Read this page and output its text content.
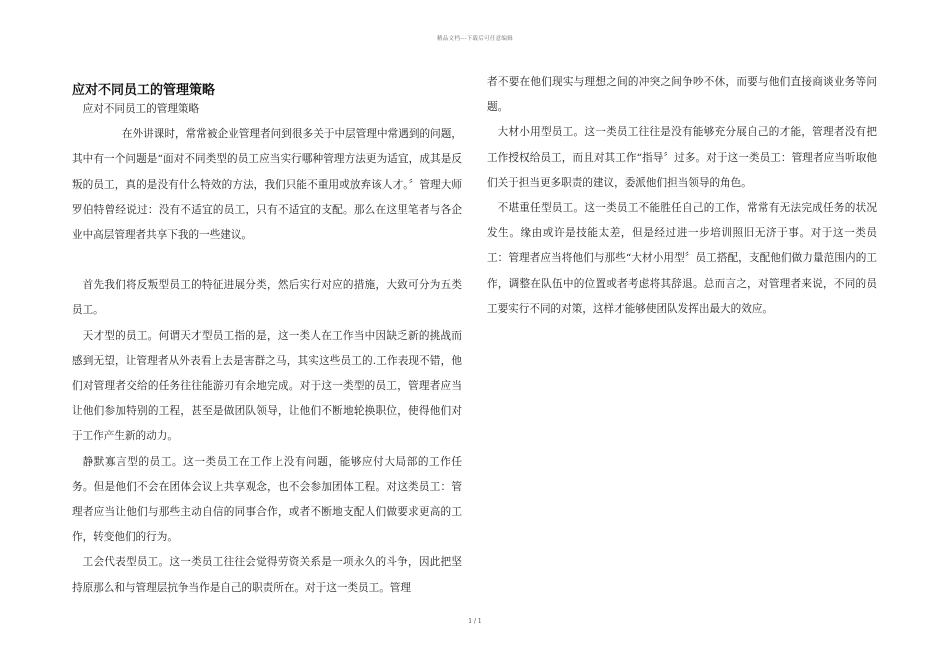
精品文档---下载后可任意编辑
应对不同员工的管理策略

应对不同员工的管理策略

在外讲课时，常常被企业管理者问到很多关于中层管理中常遇到的问题，其中有一个问题是“面对不同类型的员工应当实行哪种管理方法更为适宜，成其是反叛的员工，真的是没有什么特效的方法，我们只能不重用或放弃该人才。〞管理大师罗伯特曾经说过：没有不适宜的员工，只有不适宜的支配。那么在这里笔者与各企业中高层管理者共享下我的一些建议。

首先我们将反叛型员工的特征进展分类，然后实行对应的措施，大致可分为五类员工。

天才型的员工。何谓天才型员工指的是，这一类人在工作当中因缺乏新的挑战而感到无望，让管理者从外表看上去是害群之马，其实这些员工的.工作表现不错，他们对管理者交给的任务往往能游刃有余地完成。对于这一类型的员工，管理者应当让他们参加特别的工程，甚至是做团队领导，让他们不断地轮换职位，使得他们对于工作产生新的动力。

静默寡言型的员工。这一类员工在工作上没有问题，能够应付大局部的工作任务。但是他们不会在团体会议上共享观念，也不会参加团体工程。对这类员工：管理者应当让他们与那些主动自信的同事合作，或者不断地支配人们做要求更高的工作，转变他们的行为。

工会代表型员工。这一类员工往往会觉得劳资关系是一项永久的斗争，因此把坚持原那么和与管理层抗争当作是自己的职责所在。对于这一类员工。管理

者不要在他们现实与理想之间的冲突之间争吵不休，而要与他们直接商谈业务等问题。

大材小用型员工。这一类员工往往是没有能够充分展自己的才能，管理者没有把工作授权给员工，而且对其工作“指导〞过多。对于这一类员工：管理者应当听取他们关于担当更多职责的建议，委派他们担当领导的角色。

不堪重任型员工。这一类员工不能胜任自己的工作，常常有无法完成任务的状况发生。缘由或许是技能太差，但是经过进一步培训照旧无济于事。对于这一类员工：管理者应当将他们与那些“大材小用型〞员工搭配，支配他们做力量范围内的工作，调整在队伍中的位置或者考虑将其辞退。总而言之，对管理者来说，不同的员工要实行不同的对策，这样才能够使团队发挥出最大的效应。

1 / 1
